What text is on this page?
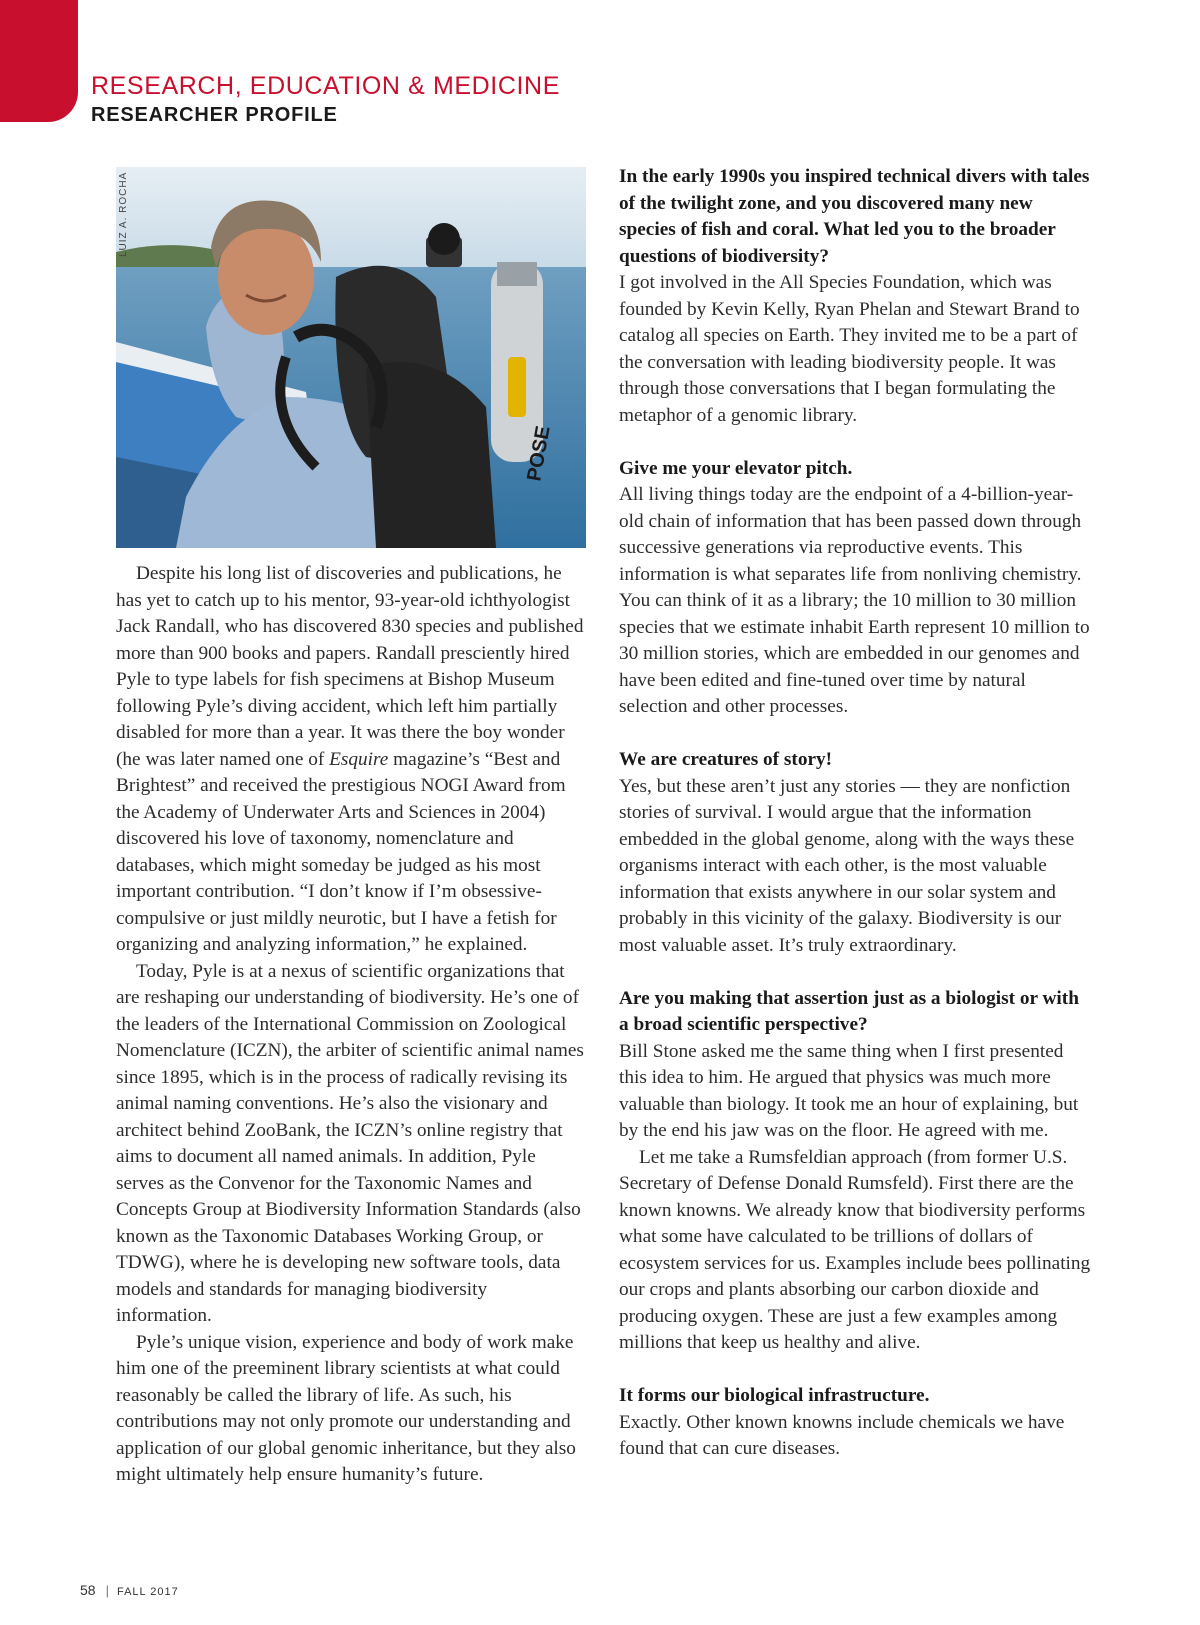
RESEARCH, EDUCATION & MEDICINE
RESEARCHER PROFILE
POSE
LUIZ A. ROCHA

Despite his long list of discoveries and publications, he has yet to catch up to his mentor, 93-year-old ichthyologist Jack Randall, who has discovered 830 species and published more than 900 books and papers. Randall presciently hired Pyle to type labels for fish specimens at Bishop Museum following Pyle’s diving accident, which left him partially disabled for more than a year. It was there the boy wonder (he was later named one of Esquire magazine’s “Best and Brightest” and received the prestigious NOGI Award from the Academy of Underwater Arts and Sciences in 2004) discovered his love of taxonomy, nomenclature and databases, which might someday be judged as his most important contribution. “I don’t know if I’m obsessive-compulsive or just mildly neurotic, but I have a fetish for organizing and analyzing information,” he explained.

Today, Pyle is at a nexus of scientific organizations that are reshaping our understanding of biodiversity. He’s one of the leaders of the International Commission on Zoological Nomenclature (ICZN), the arbiter of scientific animal names since 1895, which is in the process of radically revising its animal naming conventions. He’s also the visionary and architect behind ZooBank, the ICZN’s online registry that aims to document all named animals. In addition, Pyle serves as the Convenor for the Taxonomic Names and Concepts Group at Biodiversity Information Standards (also known as the Taxonomic Databases Working Group, or TDWG), where he is developing new software tools, data models and standards for managing biodiversity information.

Pyle’s unique vision, experience and body of work make him one of the preeminent library scientists at what could reasonably be called the library of life. As such, his contributions may not only promote our understanding and application of our global genomic inheritance, but they also might ultimately help ensure humanity’s future.

In the early 1990s you inspired technical divers with tales of the twilight zone, and you discovered many new species of fish and coral. What led you to the broader questions of biodiversity?

I got involved in the All Species Foundation, which was founded by Kevin Kelly, Ryan Phelan and Stewart Brand to catalog all species on Earth. They invited me to be a part of the conversation with leading biodiversity people. It was through those conversations that I began formulating the metaphor of a genomic library.

Give me your elevator pitch.

All living things today are the endpoint of a 4-billion-year-old chain of information that has been passed down through successive generations via reproductive events. This information is what separates life from nonliving chemistry. You can think of it as a library; the 10 million to 30 million species that we estimate inhabit Earth represent 10 million to 30 million stories, which are embedded in our genomes and have been edited and fine-tuned over time by natural selection and other processes.

We are creatures of story!

Yes, but these aren’t just any stories — they are nonfiction stories of survival. I would argue that the information embedded in the global genome, along with the ways these organisms interact with each other, is the most valuable information that exists anywhere in our solar system and probably in this vicinity of the galaxy. Biodiversity is our most valuable asset. It’s truly extraordinary.

Are you making that assertion just as a biologist or with a broad scientific perspective?

Bill Stone asked me the same thing when I first presented this idea to him. He argued that physics was much more valuable than biology. It took me an hour of explaining, but by the end his jaw was on the floor. He agreed with me.

Let me take a Rumsfeldian approach (from former U.S. Secretary of Defense Donald Rumsfeld). First there are the known knowns. We already know that biodiversity performs what some have calculated to be trillions of dollars of ecosystem services for us. Examples include bees pollinating our crops and plants absorbing our carbon dioxide and producing oxygen. These are just a few examples among millions that keep us healthy and alive.

It forms our biological infrastructure.

Exactly. Other known knowns include chemicals we have found that can cure diseases.

58 | FALL 2017
